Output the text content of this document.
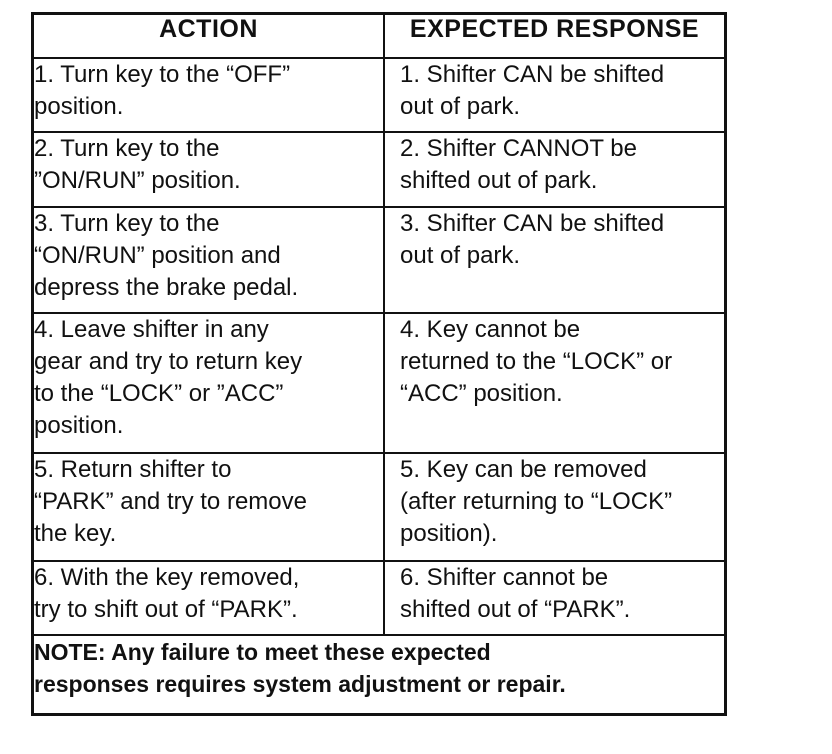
ACTION	EXPECTED RESPONSE
1. Turn key to the “OFF”
position.	1. Shifter CAN be shifted
out of park.
2. Turn key to the
”ON/RUN” position.	2. Shifter CANNOT be
shifted out of park.
3. Turn key to the
“ON/RUN” position and
depress the brake pedal.	3. Shifter CAN be shifted
out of park.
4. Leave shifter in any
gear and try to return key
to the “LOCK” or ”ACC”
position.	4. Key cannot be
returned to the “LOCK” or
“ACC” position.
5. Return shifter to
“PARK” and try to remove
the key.	5. Key can be removed
(after returning to “LOCK”
position).
6. With the key removed,
try to shift out of “PARK”.	6. Shifter cannot be
shifted out of “PARK”.
NOTE: Any failure to meet these expected
responses requires system adjustment or repair.	
